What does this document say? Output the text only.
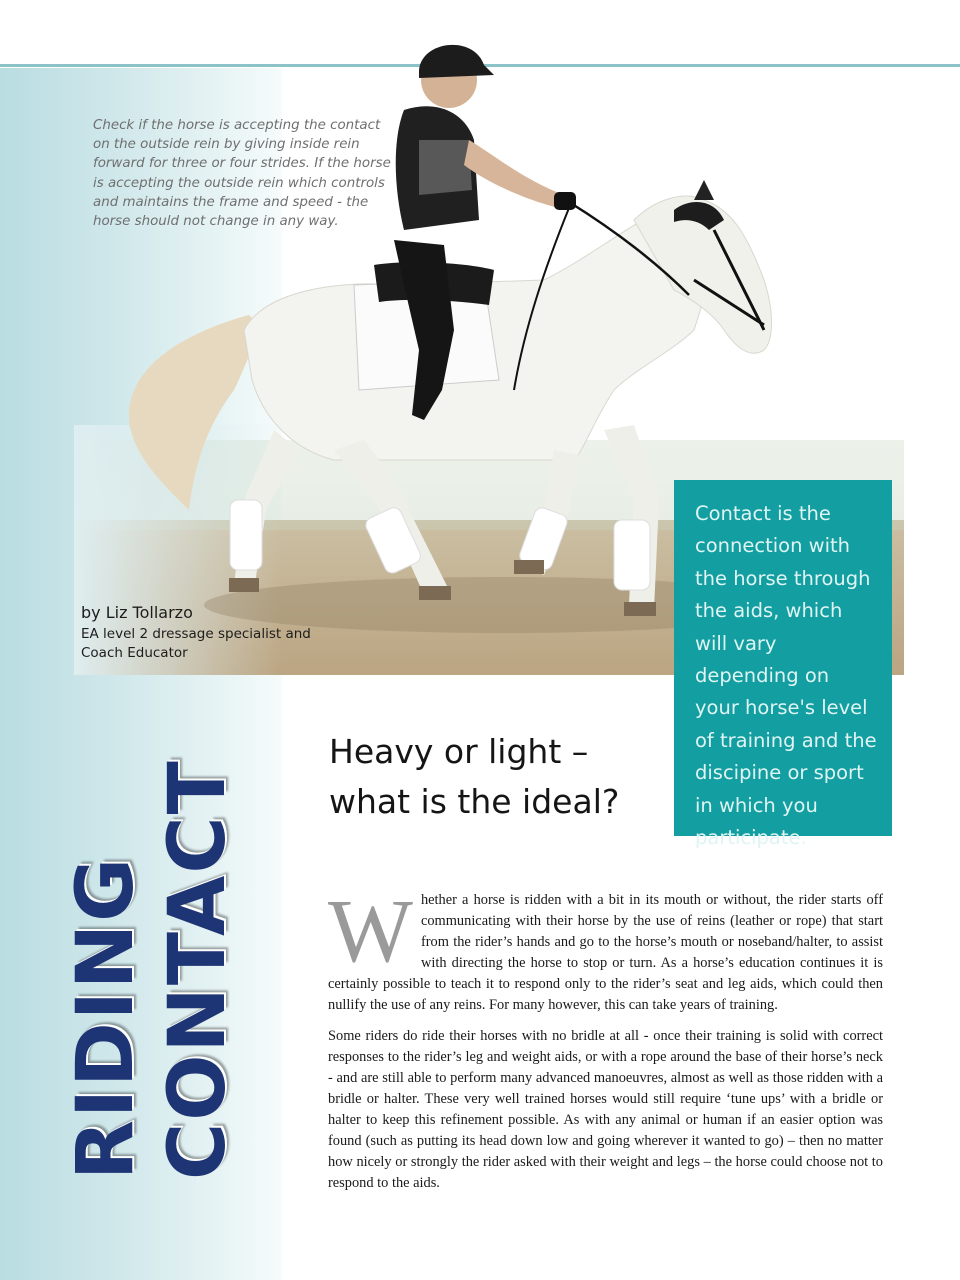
Check if the horse is accepting the contact on the outside rein by giving inside rein forward for three or four strides. If the horse is accepting the outside rein which controls and maintains the frame and speed - the horse should not change in any way.
by Liz Tollarzo
EA level 2 dressage specialist and Coach Educator
Contact is the connection with the horse through the aids, which will vary depending on your horse's level of training and the discipine or sport in which you participate.
Heavy or light – what is the ideal?
RIDING CONTACT Whether a horse is ridden with a bit in its mouth or without, the rider starts off communicating with their horse by the use of reins (leather or rope) that start from the rider’s hands and go to the horse’s mouth or noseband/halter, to assist with directing the horse to stop or turn. As a horse’s education continues it is certainly possible to teach it to respond only to the rider’s seat and leg aids, which could then nullify the use of any reins. For many however, this can take years of training.

Some riders do ride their horses with no bridle at all - once their training is solid with correct responses to the rider’s leg and weight aids, or with a rope around the base of their horse’s neck - and are still able to perform many advanced manoeuvres, almost as well as those ridden with a bridle or halter. These very well trained horses would still require ‘tune ups’ with a bridle or halter to keep this refinement possible. As with any animal or human if an easier option was found (such as putting its head down low and going wherever it wanted to go) – then no matter how nicely or strongly the rider asked with their weight and legs – the horse could choose not to respond to the aids.
